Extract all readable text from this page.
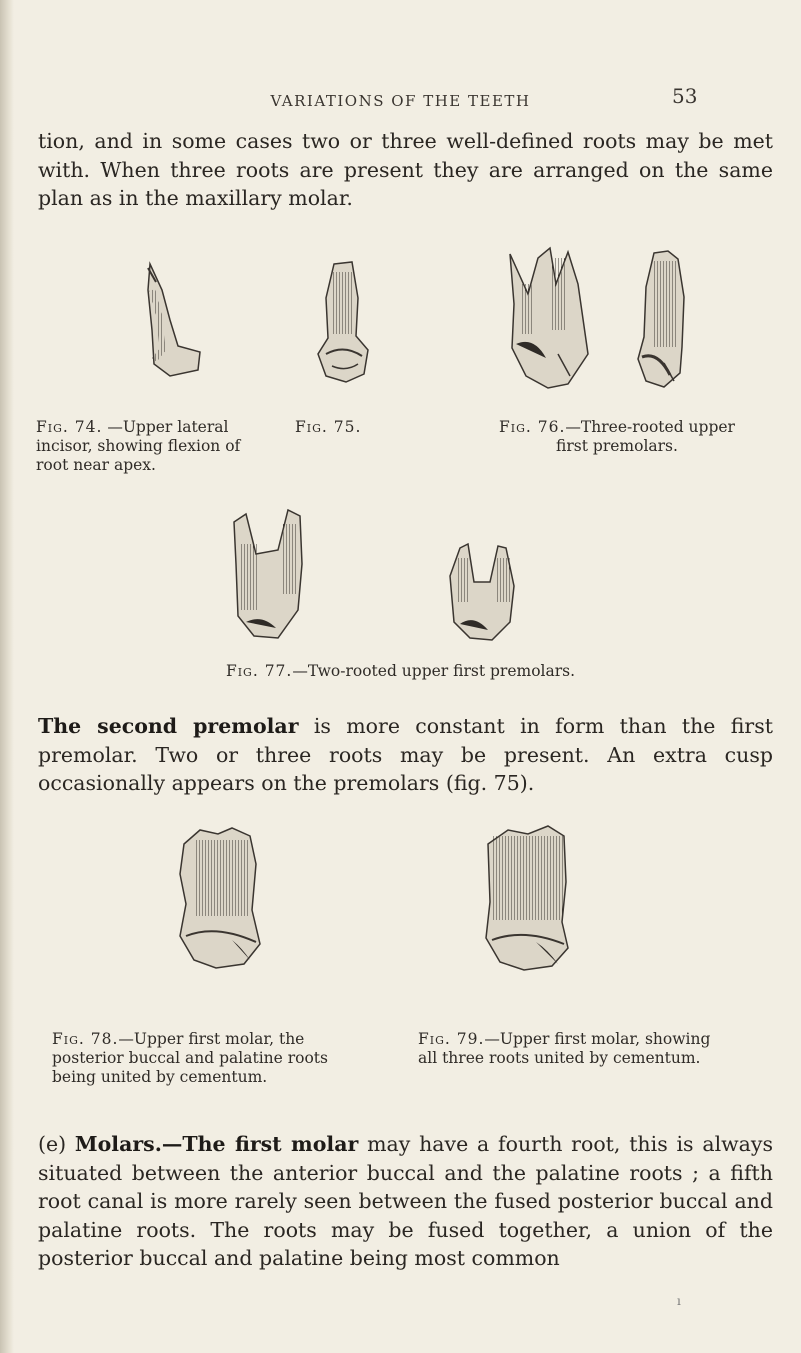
VARIATIONS OF THE TEETH	53

tion, and in some cases two or three well-defined roots may be met with. When three roots are present they are arranged on the same plan as in the maxillary molar.

Fig. 74. —Upper lateral incisor, showing flexion of root near apex.

Fig. 75.	Fig. 76.—Three-rooted upper first premolars.

Fig. 77.—Two-rooted upper first premolars.

The second premolar is more constant in form than the first premolar. Two or three roots may be present. An extra cusp occasionally appears on the premolars (fig. 75).

Fig. 78.—Upper first molar, the posterior buccal and palatine roots being united by cementum.

Fig. 79.—Upper first molar, showing all three roots united by cementum.

(e) Molars.—The first molar may have a fourth root, this is always situated between the anterior buccal and the palatine roots ; a fifth root canal is more rarely seen between the fused posterior buccal and palatine roots. The roots may be fused together, a union of the posterior buccal and palatine being most common

ı
